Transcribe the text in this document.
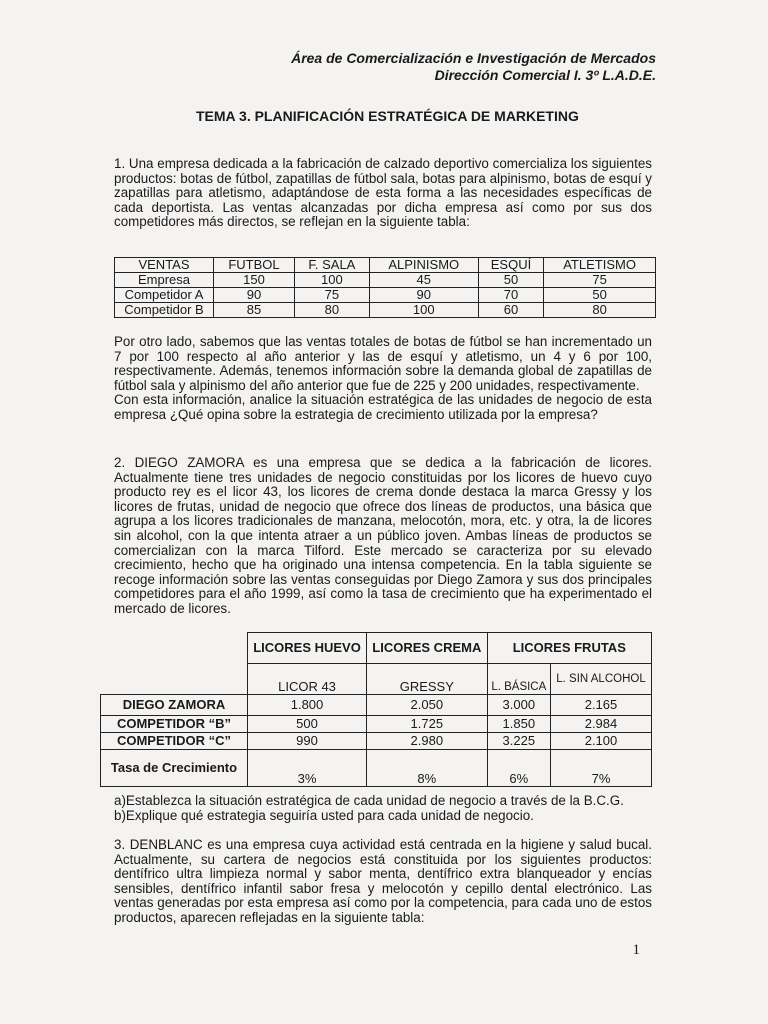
Área de Comercialización e Investigación de Mercados
Dirección Comercial I. 3º L.A.D.E.
TEMA 3. PLANIFICACIÓN ESTRATÉGICA DE MARKETING

1. Una empresa dedicada a la fabricación de calzado deportivo comercializa los siguientes productos: botas de fútbol, zapatillas de fútbol sala, botas para alpinismo, botas de esquí y zapatillas para atletismo, adaptándose de esta forma a las necesidades específicas de cada deportista. Las ventas alcanzadas por dicha empresa así como por sus dos competidores más directos, se reflejan en la siguiente tabla:

VENTAS	FUTBOL	F. SALA	ALPINISMO	ESQUÍ	ATLETISMO
Empresa	150	100	45	50	75
Competidor A	90	75	90	70	50
Competidor B	85	80	100	60	80

Por otro lado, sabemos que las ventas totales de botas de fútbol se han incrementado un 7 por 100 respecto al año anterior y las de esquí y atletismo, un 4 y 6 por 100, respectivamente. Además, tenemos información sobre la demanda global de zapatillas de fútbol sala y alpinismo del año anterior que fue de 225 y 200 unidades, respectivamente.

Con esta información, analice la situación estratégica de las unidades de negocio de esta empresa ¿Qué opina sobre la estrategia de crecimiento utilizada por la empresa?

2. DIEGO ZAMORA es una empresa que se dedica a la fabricación de licores. Actualmente tiene tres unidades de negocio constituidas por los licores de huevo cuyo producto rey es el licor 43, los licores de crema donde destaca la marca Gressy y los licores de frutas, unidad de negocio que ofrece dos líneas de productos, una básica que agrupa a los licores tradicionales de manzana, melocotón, mora, etc. y otra, la de licores sin alcohol, con la que intenta atraer a un público joven. Ambas líneas de productos se comercializan con la marca Tilford. Este mercado se caracteriza por su elevado crecimiento, hecho que ha originado una intensa competencia. En la tabla siguiente se recoge información sobre las ventas conseguidas por Diego Zamora y sus dos principales competidores para el año 1999, así como la tasa de crecimiento que ha experimentado el mercado de licores.

	LICORES HUEVO	LICORES CREMA	LICORES FRUTAS	
	LICOR 43	GRESSY	L. BÁSICA	L. SIN ALCOHOL
DIEGO ZAMORA	1.800	2.050	3.000	2.165
COMPETIDOR “B”	500	1.725	1.850	2.984
COMPETIDOR “C”	990	2.980	3.225	2.100
Tasa de Crecimiento	3%	8%	6%	7%

a)Establezca la situación estratégica de cada unidad de negocio a través de la B.C.G.

b)Explique qué estrategia seguiría usted para cada unidad de negocio.

3. DENBLANC es una empresa cuya actividad está centrada en la higiene y salud bucal. Actualmente, su cartera de negocios está constituida por los siguientes productos: dentífrico ultra limpieza normal y sabor menta, dentífrico extra blanqueador y encías sensibles, dentífrico infantil sabor fresa y melocotón y cepillo dental electrónico. Las ventas generadas por esta empresa así como por la competencia, para cada uno de estos productos, aparecen reflejadas en la siguiente tabla:

1
